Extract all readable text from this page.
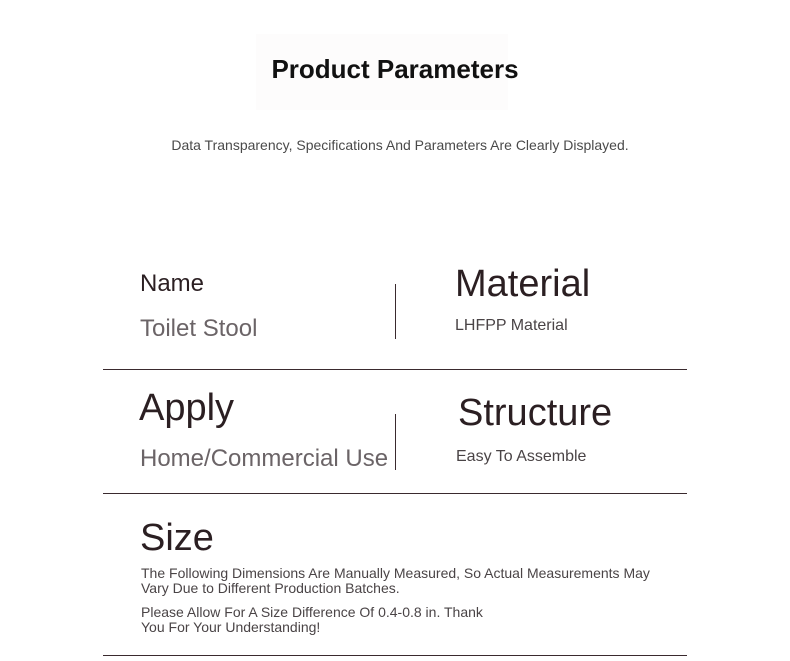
Product Parameters
Data Transparency, Specifications And Parameters Are Clearly Displayed.
Name
Toilet Stool
Material
LHFPP Material
Apply
Home/Commercial Use
Structure
Easy To Assemble
Size
The Following Dimensions Are Manually Measured, So Actual Measurements May Vary Due to Different Production Batches.
Please Allow For A Size Difference Of 0.4-0.8 in. Thank You For Your Understanding!
